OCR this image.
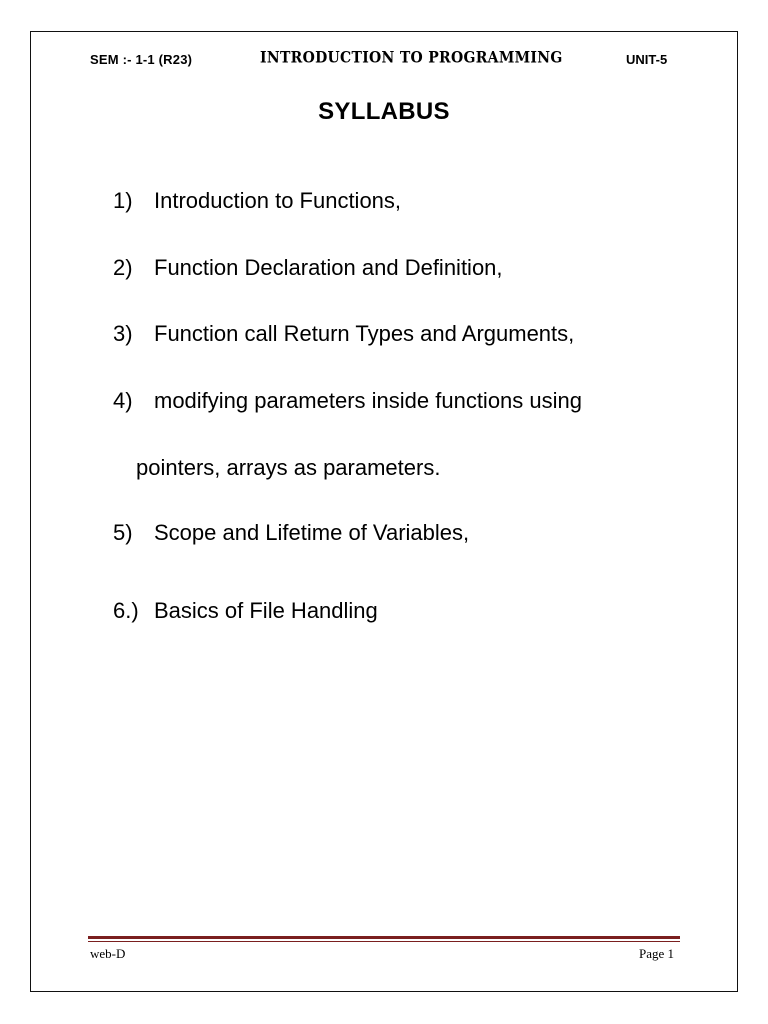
SEM :- 1-1 (R23)	INTRODUCTION TO PROGRAMMING	UNIT-5
SYLLABUS
1) Introduction to Functions,
2) Function Declaration and Definition,
3) Function call Return Types and Arguments,
4) modifying parameters inside functions using
pointers, arrays as parameters.
5) Scope and Lifetime of Variables,
6.) Basics of File Handling
web-D	Page 1
